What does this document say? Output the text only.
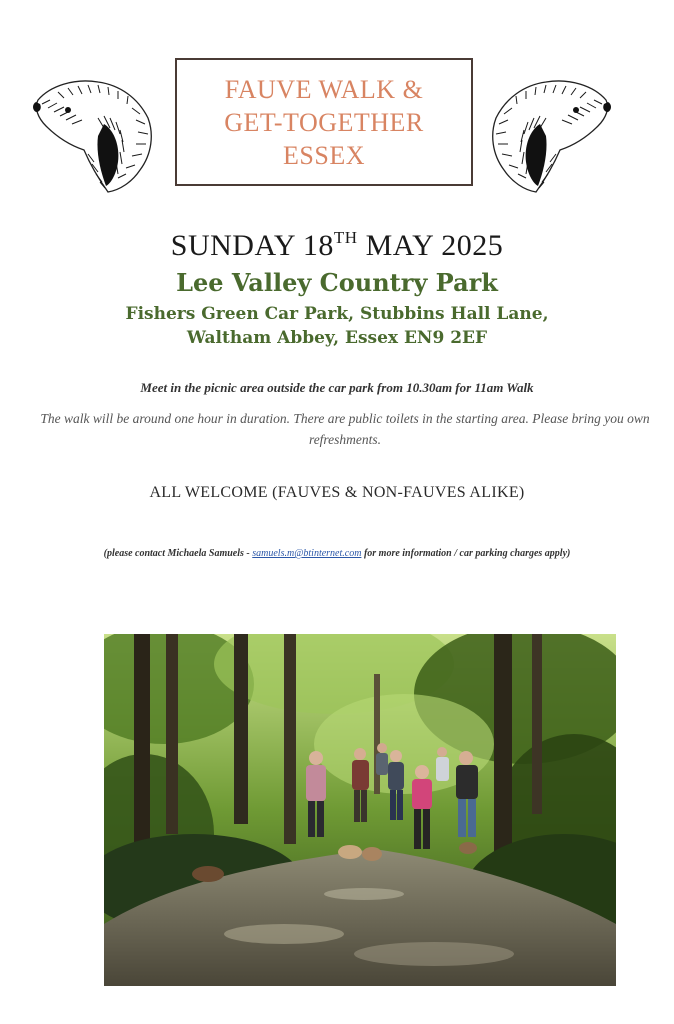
FAUVE WALK &
GET-TOGETHER
ESSEX
SUNDAY 18TH MAY 2025
Lee Valley Country Park
Fishers Green Car Park, Stubbins Hall Lane,
Waltham Abbey, Essex EN9 2EF
Meet in the picnic area outside the car park from 10.30am for 11am Walk
The walk will be around one hour in duration. There are public toilets in the starting area. Please bring you own refreshments.
ALL WELCOME (FAUVES & NON-FAUVES ALIKE)
(please contact Michaela Samuels - samuels.m@btinternet.com for more information / car parking charges apply)
